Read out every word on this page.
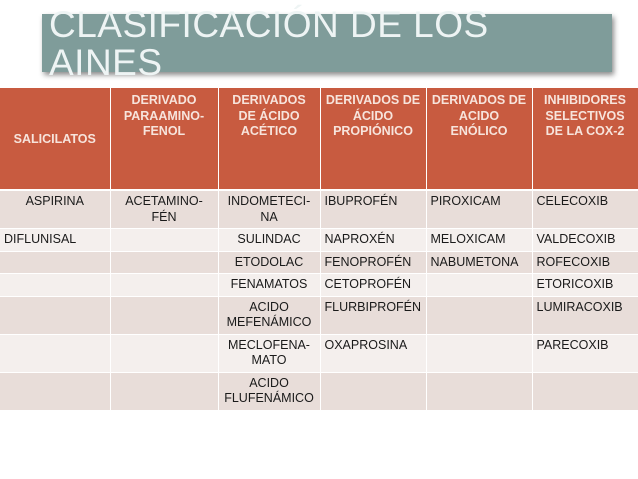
CLASIFICACIÓN DE LOS AINES
SALICILATOS	DERIVADO PARAAMINO-FENOL	DERIVADOS DE ÁCIDO ACÉTICO	DERIVADOS DE ÁCIDO PROPIÓNICO	DERIVADOS DE ACIDO ENÓLICO	INHIBIDORES SELECTIVOS DE LA COX-2
ASPIRINA	ACETAMINO-FÉN	INDOMETECI-NA	IBUPROFÉN	PIROXICAM	CELECOXIB
DIFLUNISAL		SULINDAC	NAPROXÉN	MELOXICAM	VALDECOXIB
		ETODOLAC	FENOPROFÉN	NABUMETONA	ROFECOXIB
		FENAMATOS	CETOPROFÉN		ETORICOXIB
		ACIDO MEFENÁMICO	FLURBIPROFÉN		LUMIRACOXIB
		MECLOFENA-MATO	OXAPROSINA		PARECOXIB
		ACIDO FLUFENÁMICO			
